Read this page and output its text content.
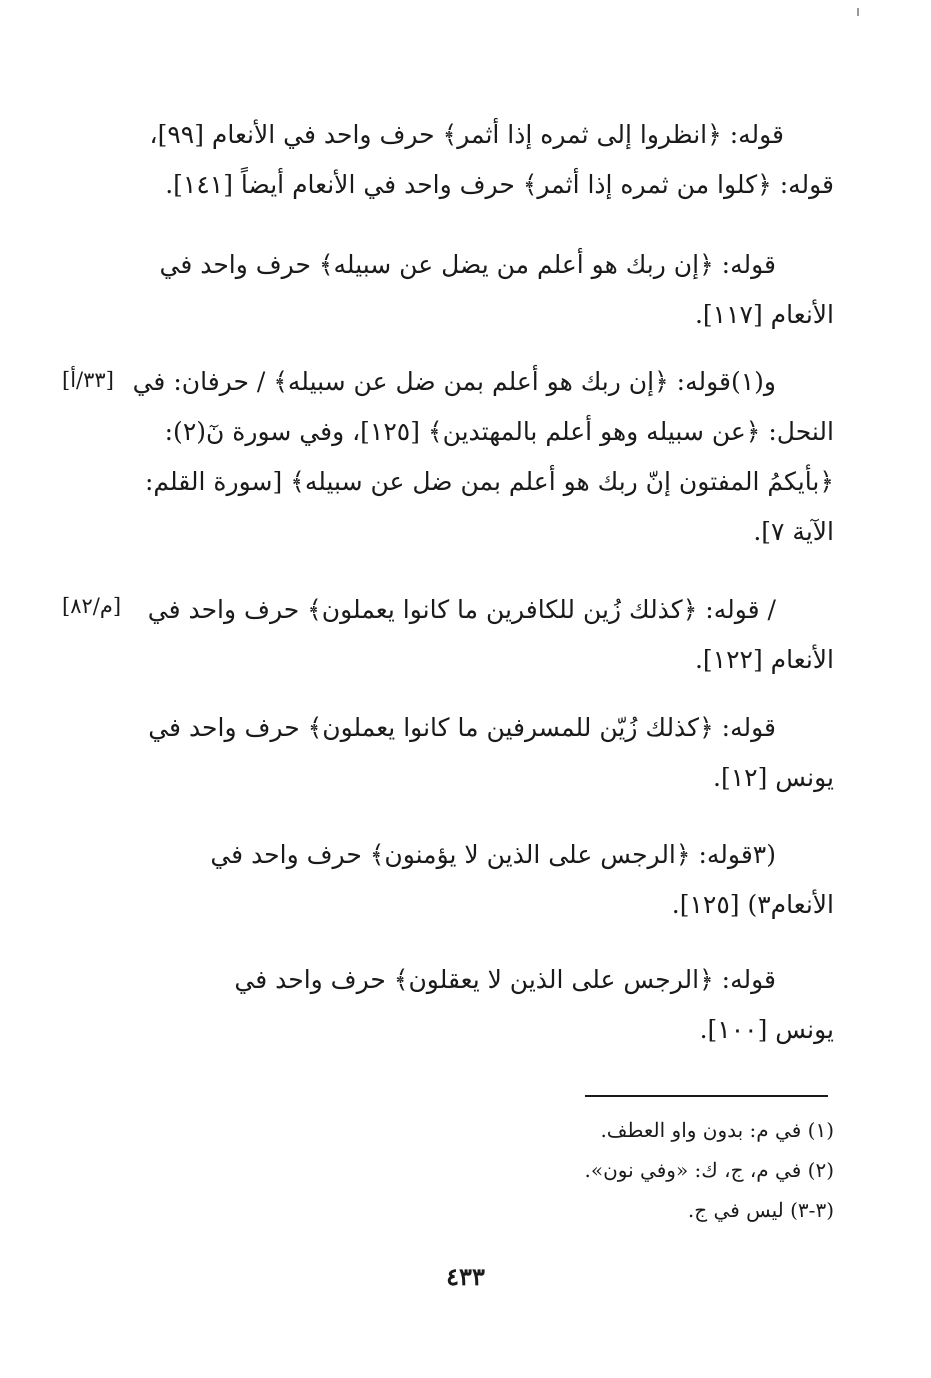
قوله: ﴿انظروا إلى ثمره إذا أثمر﴾ حرف واحد في الأنعام [٩٩]،
قوله: ﴿كلوا من ثمره إذا أثمر﴾ حرف واحد في الأنعام أيضاً [١٤١].

قوله: ﴿إن ربك هو أعلم من يضل عن سبيله﴾ حرف واحد في
الأنعام [١١٧].

و(١)قوله: ﴿إن ربك هو أعلم بمن ضل عن سبيله﴾ / حرفان: في
النحل: ﴿عن سبيله وهو أعلم بالمهتدين﴾ [١٢٥]، وفي سورة نٓ(٢):
﴿بأيكمُ المفتون إنّ ربك هو أعلم بمن ضل عن سبيله﴾ [سورة القلم:
الآية ٧].

[٣٣/أ]

/ قوله: ﴿كذلك زُين للكافرين ما كانوا يعملون﴾ حرف واحد في
الأنعام [١٢٢].

[م/٨٢]

قوله: ﴿كذلك زُيّن للمسرفين ما كانوا يعملون﴾ حرف واحد في
يونس [١٢].

(٣قوله: ﴿الرجس على الذين لا يؤمنون﴾ حرف واحد في
الأنعام٣) [١٢٥].

قوله: ﴿الرجس على الذين لا يعقلون﴾ حرف واحد في
يونس [١٠٠].

(١) في م: بدون واو العطف.
(٢) في م، ج، ك: «وفي نون».
(٣-٣) ليس في ج.
٤٣٣
